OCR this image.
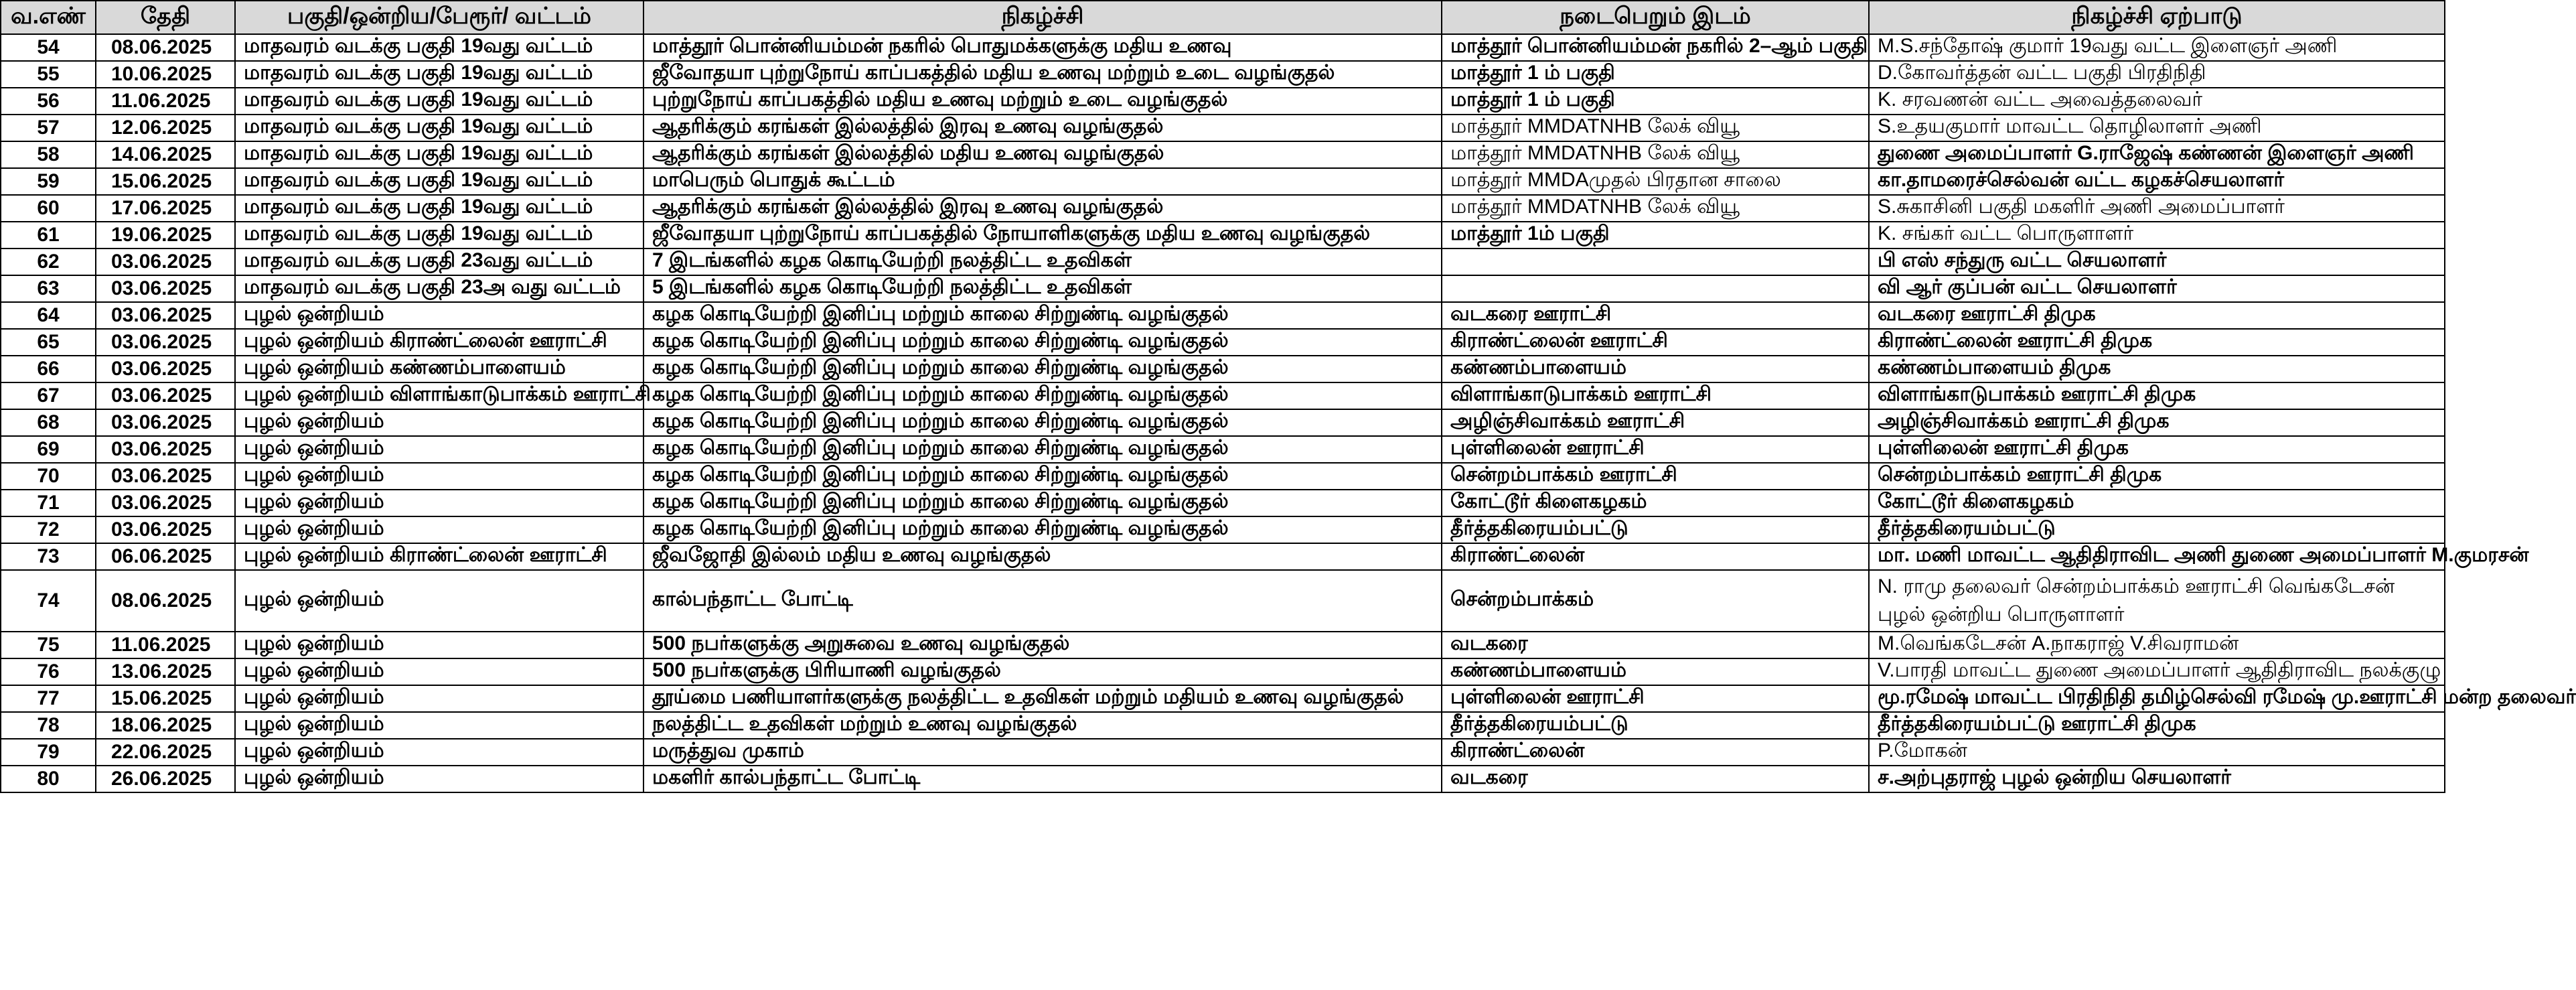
வ.எண்	தேதி	பகுதி/ஒன்றிய/பேரூர்/ வட்டம்	நிகழ்ச்சி	நடைபெறும் இடம்	நிகழ்ச்சி ஏற்பாடு
54	08.06.2025	மாதவரம் வடக்கு பகுதி 19வது வட்டம்	மாத்தூர் பொன்னியம்மன் நகரில் பொதுமக்களுக்கு மதிய உணவு	மாத்தூர் பொன்னியம்மன் நகரில் 2–ஆம் பகுதி	M.S.சந்தோஷ் குமார் 19வது வட்ட இளைஞர் அணி
55	10.06.2025	மாதவரம் வடக்கு பகுதி 19வது வட்டம்	ஜீவோதயா புற்றுநோய் காப்பகத்தில் மதிய உணவு மற்றும் உடை வழங்குதல்	மாத்தூர் 1 ம் பகுதி	D.கோவர்த்தன் வட்ட பகுதி பிரதிநிதி
56	11.06.2025	மாதவரம் வடக்கு பகுதி 19வது வட்டம்	புற்றுநோய் காப்பகத்தில் மதிய உணவு மற்றும் உடை வழங்குதல்	மாத்தூர் 1 ம் பகுதி	K. சரவணன் வட்ட அவைத்தலைவர்
57	12.06.2025	மாதவரம் வடக்கு பகுதி 19வது வட்டம்	ஆதரிக்கும் கரங்கள் இல்லத்தில் இரவு உணவு வழங்குதல்	மாத்தூர் MMDATNHB லேக் வியூ	S.உதயகுமார் மாவட்ட தொழிலாளர் அணி
58	14.06.2025	மாதவரம் வடக்கு பகுதி 19வது வட்டம்	ஆதரிக்கும் கரங்கள் இல்லத்தில் மதிய உணவு வழங்குதல்	மாத்தூர் MMDATNHB லேக் வியூ	துணை அமைப்பாளர் G.ராஜேஷ் கண்ணன் இளைஞர் அணி
59	15.06.2025	மாதவரம் வடக்கு பகுதி 19வது வட்டம்	மாபெரும் பொதுக் கூட்டம்	மாத்தூர் MMDAமுதல் பிரதான சாலை	கா.தாமரைச்செல்வன் வட்ட கழகச்செயலாளர்
60	17.06.2025	மாதவரம் வடக்கு பகுதி 19வது வட்டம்	ஆதரிக்கும் கரங்கள் இல்லத்தில் இரவு உணவு வழங்குதல்	மாத்தூர் MMDATNHB லேக் வியூ	S.சுகாசினி பகுதி மகளிர் அணி அமைப்பாளர்
61	19.06.2025	மாதவரம் வடக்கு பகுதி 19வது வட்டம்	ஜீவோதயா புற்றுநோய் காப்பகத்தில் நோயாளிகளுக்கு மதிய உணவு வழங்குதல்	மாத்தூர் 1ம் பகுதி	K. சங்கர் வட்ட பொருளாளர்
62	03.06.2025	மாதவரம் வடக்கு பகுதி 23வது வட்டம்	7 இடங்களில் கழக கொடியேற்றி நலத்திட்ட உதவிகள்		பி எஸ் சந்துரு வட்ட செயலாளர்
63	03.06.2025	மாதவரம் வடக்கு பகுதி 23அ வது வட்டம்	5 இடங்களில் கழக கொடியேற்றி நலத்திட்ட உதவிகள்		வி ஆர் குப்பன் வட்ட செயலாளர்
64	03.06.2025	புழல் ஒன்றியம்	கழக கொடியேற்றி இனிப்பு மற்றும் காலை சிற்றுண்டி வழங்குதல்	வடகரை ஊராட்சி	வடகரை ஊராட்சி திமுக
65	03.06.2025	புழல் ஒன்றியம் கிராண்ட்லைன் ஊராட்சி	கழக கொடியேற்றி இனிப்பு மற்றும் காலை சிற்றுண்டி வழங்குதல்	கிராண்ட்லைன் ஊராட்சி	கிராண்ட்லைன் ஊராட்சி திமுக
66	03.06.2025	புழல் ஒன்றியம் கண்ணம்பாளையம்	கழக கொடியேற்றி இனிப்பு மற்றும் காலை சிற்றுண்டி வழங்குதல்	கண்ணம்பாளையம்	கண்ணம்பாளையம் திமுக
67	03.06.2025	புழல் ஒன்றியம் விளாங்காடுபாக்கம் ஊராட்சி	கழக கொடியேற்றி இனிப்பு மற்றும் காலை சிற்றுண்டி வழங்குதல்	விளாங்காடுபாக்கம் ஊராட்சி	விளாங்காடுபாக்கம் ஊராட்சி திமுக
68	03.06.2025	புழல் ஒன்றியம்	கழக கொடியேற்றி இனிப்பு மற்றும் காலை சிற்றுண்டி வழங்குதல்	அழிஞ்சிவாக்கம் ஊராட்சி	அழிஞ்சிவாக்கம் ஊராட்சி திமுக
69	03.06.2025	புழல் ஒன்றியம்	கழக கொடியேற்றி இனிப்பு மற்றும் காலை சிற்றுண்டி வழங்குதல்	புள்ளிலைன் ஊராட்சி	புள்ளிலைன் ஊராட்சி திமுக
70	03.06.2025	புழல் ஒன்றியம்	கழக கொடியேற்றி இனிப்பு மற்றும் காலை சிற்றுண்டி வழங்குதல்	சென்றம்பாக்கம் ஊராட்சி	சென்றம்பாக்கம் ஊராட்சி திமுக
71	03.06.2025	புழல் ஒன்றியம்	கழக கொடியேற்றி இனிப்பு மற்றும் காலை சிற்றுண்டி வழங்குதல்	கோட்டூர் கிளைகழகம்	கோட்டூர் கிளைகழகம்
72	03.06.2025	புழல் ஒன்றியம்	கழக கொடியேற்றி இனிப்பு மற்றும் காலை சிற்றுண்டி வழங்குதல்	தீர்த்தகிரையம்பட்டு	தீர்த்தகிரையம்பட்டு
73	06.06.2025	புழல் ஒன்றியம் கிராண்ட்லைன் ஊராட்சி	ஜீவஜோதி இல்லம் மதிய உணவு வழங்குதல்	கிராண்ட்லைன்	மா. மணி மாவட்ட ஆதிதிராவிட அணி துணை அமைப்பாளர் M.குமரசன்
74	08.06.2025	புழல் ஒன்றியம்	கால்பந்தாட்ட போட்டி	சென்றம்பாக்கம்	N. ராமு தலைவர் சென்றம்பாக்கம் ஊராட்சி வெங்கடேசன் புழல் ஒன்றிய பொருளாளர்
75	11.06.2025	புழல் ஒன்றியம்	500 நபர்களுக்கு அறுசுவை உணவு வழங்குதல்	வடகரை	M.வெங்கடேசன் A.நாகராஜ் V.சிவராமன்
76	13.06.2025	புழல் ஒன்றியம்	500 நபர்களுக்கு பிரியாணி வழங்குதல்	கண்ணம்பாளையம்	V.பாரதி மாவட்ட துணை அமைப்பாளர் ஆதிதிராவிட நலக்குழு
77	15.06.2025	புழல் ஒன்றியம்	தூய்மை பணியாளர்களுக்கு நலத்திட்ட உதவிகள் மற்றும் மதியம் உணவு வழங்குதல்	புள்ளிலைன் ஊராட்சி	மூ.ரமேஷ் மாவட்ட பிரதிநிதி தமிழ்செல்வி ரமேஷ் மு.ஊராட்சி மன்ற தலைவர்
78	18.06.2025	புழல் ஒன்றியம்	நலத்திட்ட உதவிகள் மற்றும் உணவு வழங்குதல்	தீர்த்தகிரையம்பட்டு	தீர்த்தகிரையம்பட்டு ஊராட்சி திமுக
79	22.06.2025	புழல் ஒன்றியம்	மருத்துவ முகாம்	கிராண்ட்லைன்	P.மோகன்
80	26.06.2025	புழல் ஒன்றியம்	மகளிர் கால்பந்தாட்ட போட்டி	வடகரை	ச.அற்புதராஜ் புழல் ஒன்றிய செயலாளர்
